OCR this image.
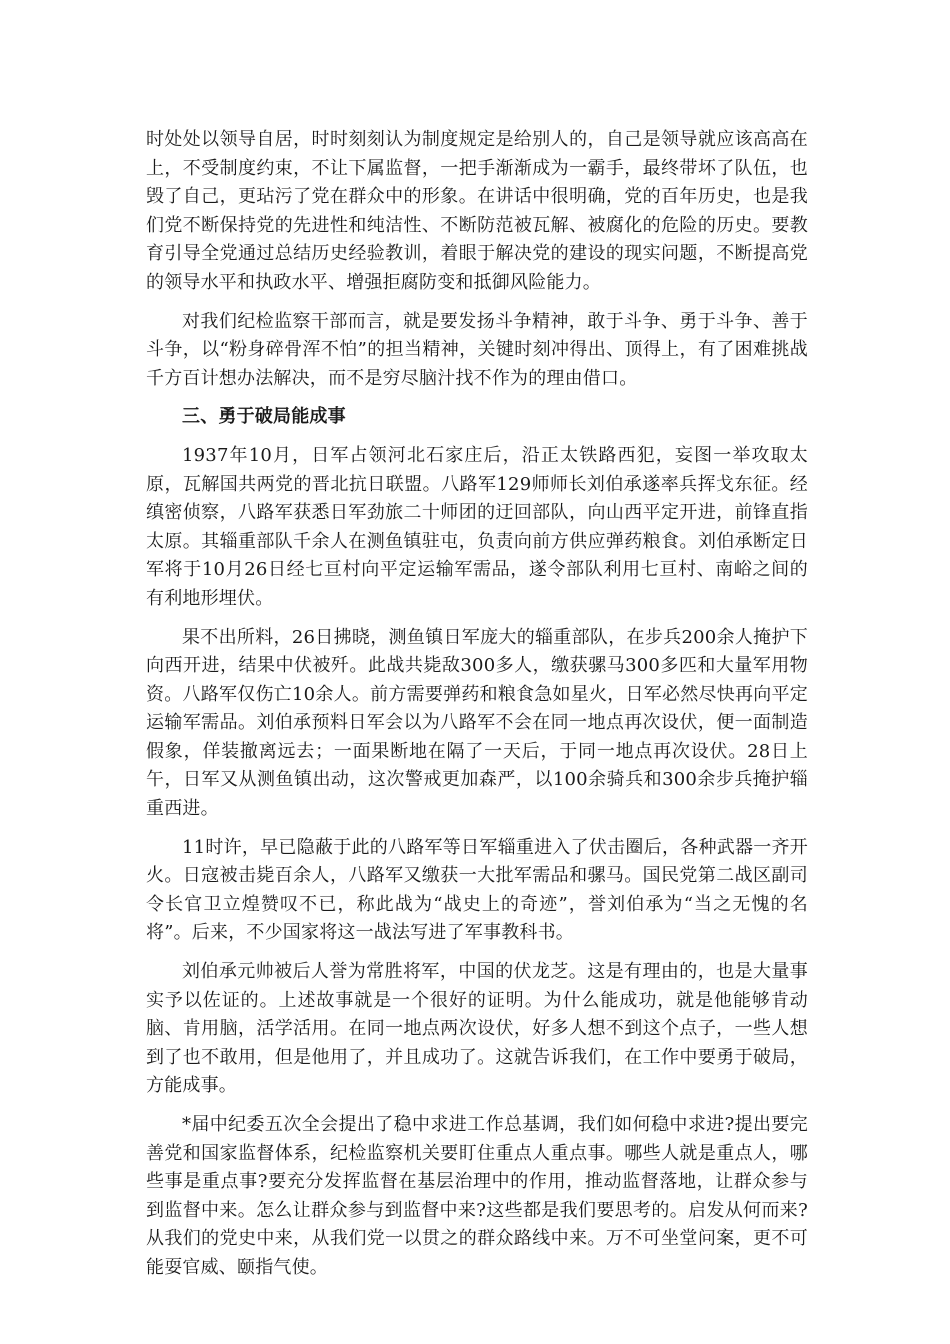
时处处以领导自居，时时刻刻认为制度规定是给别人的，自己是领导就应该高高在上，不受制度约束，不让下属监督，一把手渐渐成为一霸手，最终带坏了队伍，也毁了自己，更玷污了党在群众中的形象。在讲话中很明确，党的百年历史，也是我们党不断保持党的先进性和纯洁性、不断防范被瓦解、被腐化的危险的历史。要教育引导全党通过总结历史经验教训，着眼于解决党的建设的现实问题，不断提高党的领导水平和执政水平、增强拒腐防变和抵御风险能力。

对我们纪检监察干部而言，就是要发扬斗争精神，敢于斗争、勇于斗争、善于斗争，以“粉身碎骨浑不怕”的担当精神，关键时刻冲得出、顶得上，有了困难挑战千方百计想办法解决，而不是穷尽脑汁找不作为的理由借口。

三、勇于破局能成事

1937年10月，日军占领河北石家庄后，沿正太铁路西犯，妄图一举攻取太原，瓦解国共两党的晋北抗日联盟。八路军129师师长刘伯承遂率兵挥戈东征。经缜密侦察，八路军获悉日军劲旅二十师团的迂回部队，向山西平定开进，前锋直指太原。其辎重部队千余人在测鱼镇驻屯，负责向前方供应弹药粮食。刘伯承断定日军将于10月26日经七亘村向平定运输军需品，遂令部队利用七亘村、南峪之间的有利地形埋伏。

果不出所料，26日拂晓，测鱼镇日军庞大的辎重部队，在步兵200余人掩护下向西开进，结果中伏被歼。此战共毙敌300多人，缴获骡马300多匹和大量军用物资。八路军仅伤亡10余人。前方需要弹药和粮食急如星火，日军必然尽快再向平定运输军需品。刘伯承预料日军会以为八路军不会在同一地点再次设伏，便一面制造假象，佯装撤离远去；一面果断地在隔了一天后，于同一地点再次设伏。28日上午，日军又从测鱼镇出动，这次警戒更加森严，以100余骑兵和300余步兵掩护辎重西进。

11时许，早已隐蔽于此的八路军等日军辎重进入了伏击圈后，各种武器一齐开火。日寇被击毙百余人，八路军又缴获一大批军需品和骡马。国民党第二战区副司令长官卫立煌赞叹不已，称此战为“战史上的奇迹”，誉刘伯承为“当之无愧的名将”。后来，不少国家将这一战法写进了军事教科书。

刘伯承元帅被后人誉为常胜将军，中国的伏龙芝。这是有理由的，也是大量事实予以佐证的。上述故事就是一个很好的证明。为什么能成功，就是他能够肯动脑、肯用脑，活学活用。在同一地点两次设伏，好多人想不到这个点子，一些人想到了也不敢用，但是他用了，并且成功了。这就告诉我们，在工作中要勇于破局，方能成事。

*届中纪委五次全会提出了稳中求进工作总基调，我们如何稳中求进?提出要完善党和国家监督体系，纪检监察机关要盯住重点人重点事。哪些人就是重点人，哪些事是重点事?要充分发挥监督在基层治理中的作用，推动监督落地，让群众参与到监督中来。怎么让群众参与到监督中来?这些都是我们要思考的。启发从何而来?从我们的党史中来，从我们党一以贯之的群众路线中来。万不可坐堂问案，更不可能耍官威、颐指气使。
